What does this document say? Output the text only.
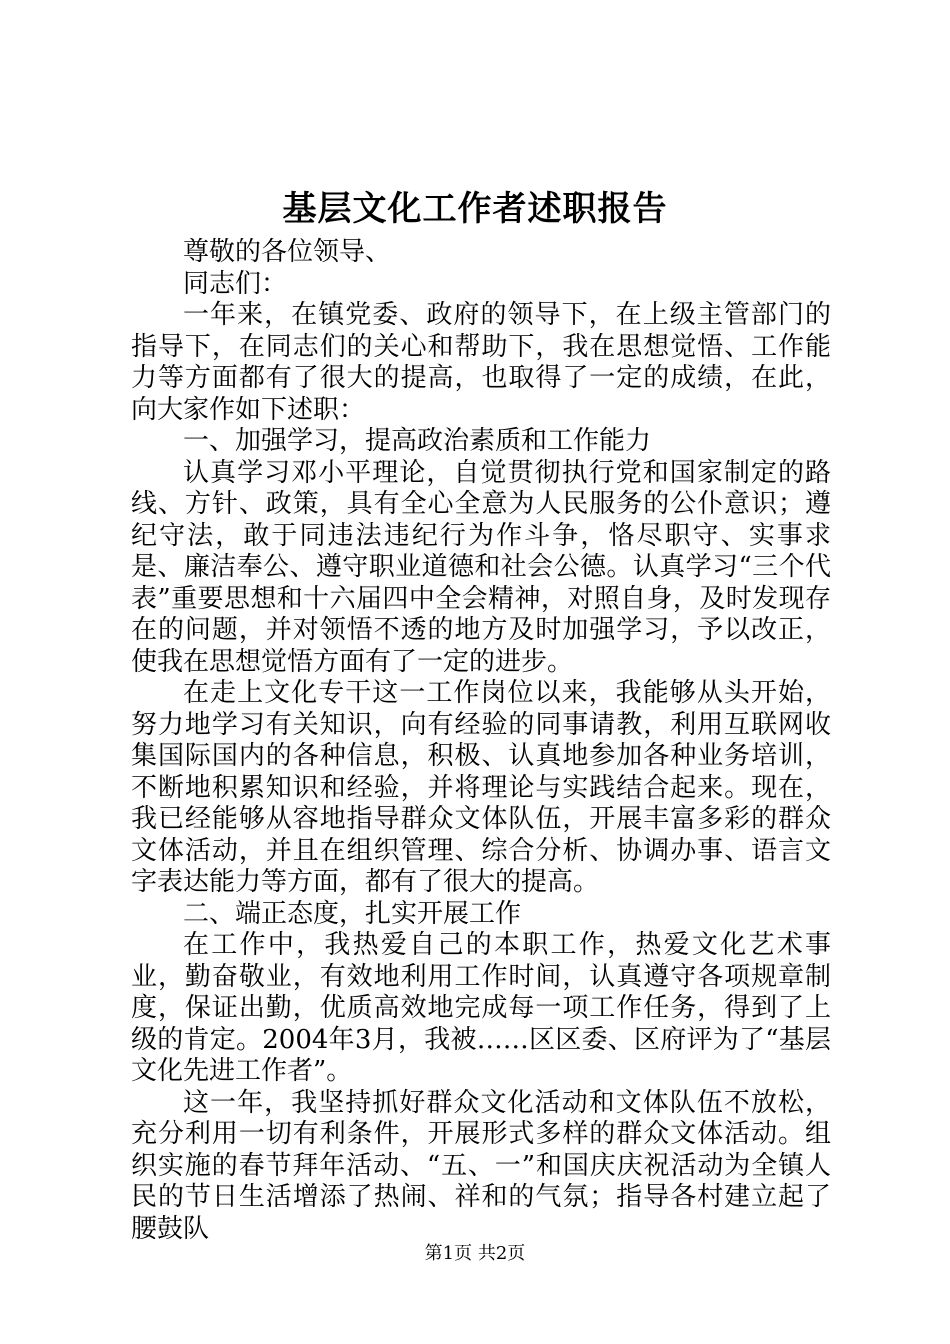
基层文化工作者述职报告

尊敬的各位领导、

同志们：

一年来，在镇党委、政府的领导下，在上级主管部门的指导下，在同志们的关心和帮助下，我在思想觉悟、工作能力等方面都有了很大的提高，也取得了一定的成绩，在此，向大家作如下述职：

一、加强学习，提高政治素质和工作能力

认真学习邓小平理论，自觉贯彻执行党和国家制定的路线、方针、政策，具有全心全意为人民服务的公仆意识；遵纪守法，敢于同违法违纪行为作斗争，恪尽职守、实事求是、廉洁奉公、遵守职业道德和社会公德。认真学习“三个代表”重要思想和十六届四中全会精神，对照自身，及时发现存在的问题，并对领悟不透的地方及时加强学习，予以改正，使我在思想觉悟方面有了一定的进步。

在走上文化专干这一工作岗位以来，我能够从头开始，努力地学习有关知识，向有经验的同事请教，利用互联网收集国际国内的各种信息，积极、认真地参加各种业务培训，不断地积累知识和经验，并将理论与实践结合起来。现在，我已经能够从容地指导群众文体队伍，开展丰富多彩的群众文体活动，并且在组织管理、综合分析、协调办事、语言文字表达能力等方面，都有了很大的提高。

二、端正态度，扎实开展工作

在工作中，我热爱自己的本职工作，热爱文化艺术事业，勤奋敬业，有效地利用工作时间，认真遵守各项规章制度，保证出勤，优质高效地完成每一项工作任务，得到了上级的肯定。2004年3月，我被……区区委、区府评为了“基层文化先进工作者”。

这一年，我坚持抓好群众文化活动和文体队伍不放松，充分利用一切有利条件，开展形式多样的群众文体活动。组织实施的春节拜年活动、“五、一”和国庆庆祝活动为全镇人民的节日生活增添了热闹、祥和的气氛；指导各村建立起了腰鼓队

第1页 共2页
